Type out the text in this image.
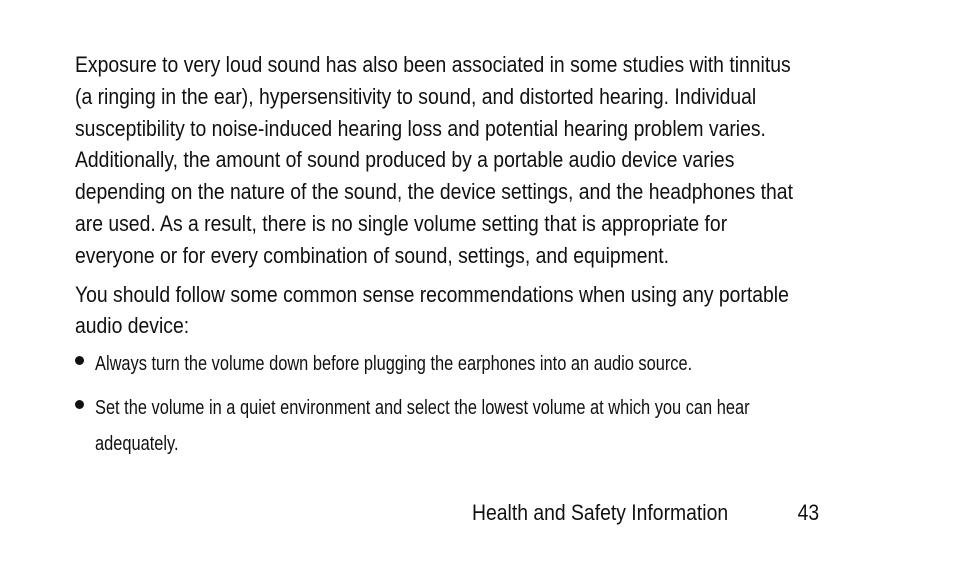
Exposure to very loud sound has also been associated in some studies with tinnitus
(a ringing in the ear), hypersensitivity to sound, and distorted hearing. Individual
susceptibility to noise-induced hearing loss and potential hearing problem varies.
Additionally, the amount of sound produced by a portable audio device varies
depending on the nature of the sound, the device settings, and the headphones that
are used. As a result, there is no single volume setting that is appropriate for
everyone or for every combination of sound, settings, and equipment.

You should follow some common sense recommendations when using any portable
audio device:

Always turn the volume down before plugging the earphones into an audio source.
Set the volume in a quiet environment and select the lowest volume at which you can hear
adequately.
Health and Safety Information	43
